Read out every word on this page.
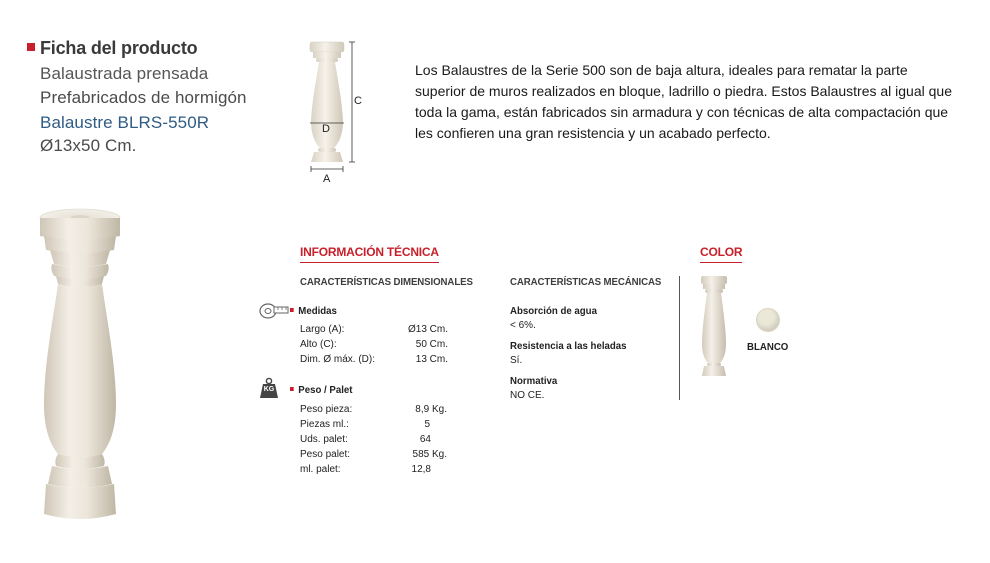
Ficha del producto
Balaustrada prensada
Prefabricados de hormigón
Balaustre BLRS-550R
Ø13x50 Cm.
C
D
A
Los Balaustres de la Serie 500 son de baja altura, ideales para rematar la parte superior de muros realizados en bloque, ladrillo o piedra. Estos Balaustres al igual que toda la gama, están fabricados sin armadura y con técnicas de alta compactación que les confieren una gran resistencia y un acabado perfecto.
INFORMACIÓN TÉCNICA
CARACTERÍSTICAS DIMENSIONALES	CARACTERÍSTICAS MECÁNICAS
Medidas
Largo (A):	Ø13 Cm.
Alto (C):	50 Cm.
Dim. Ø máx. (D):	13 Cm.
KG	Peso / Palet
Peso pieza:	8,9 Kg.
Piezas ml.:	5
Uds. palet:	64
Peso palet:	585 Kg.
ml. palet:	12,8
Absorción de agua
< 6%.
Resistencia a las heladas
Sí.
Normativa
NO CE.
COLOR
BLANCO
